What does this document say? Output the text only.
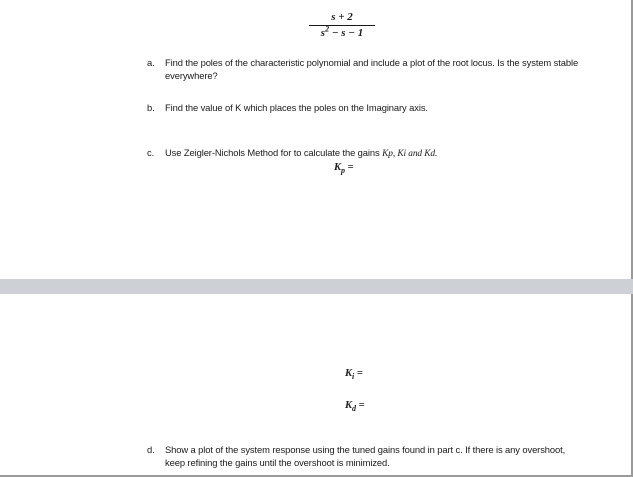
s + 2
$s^2 - s - 1$
a. Find the poles of the characteristic polynomial and include a plot of the root locus. Is the system stable everywhere?
b. Find the value of K which places the poles on the Imaginary axis.
c. Use Zeigler-Nichols Method for to calculate the gains Kp, Ki and Kd.
$K_p$ =
$K_i$ =
$K_d$ =
d. Show a plot of the system response using the tuned gains found in part c. If there is any overshoot, keep refining the gains until the overshoot is minimized.
